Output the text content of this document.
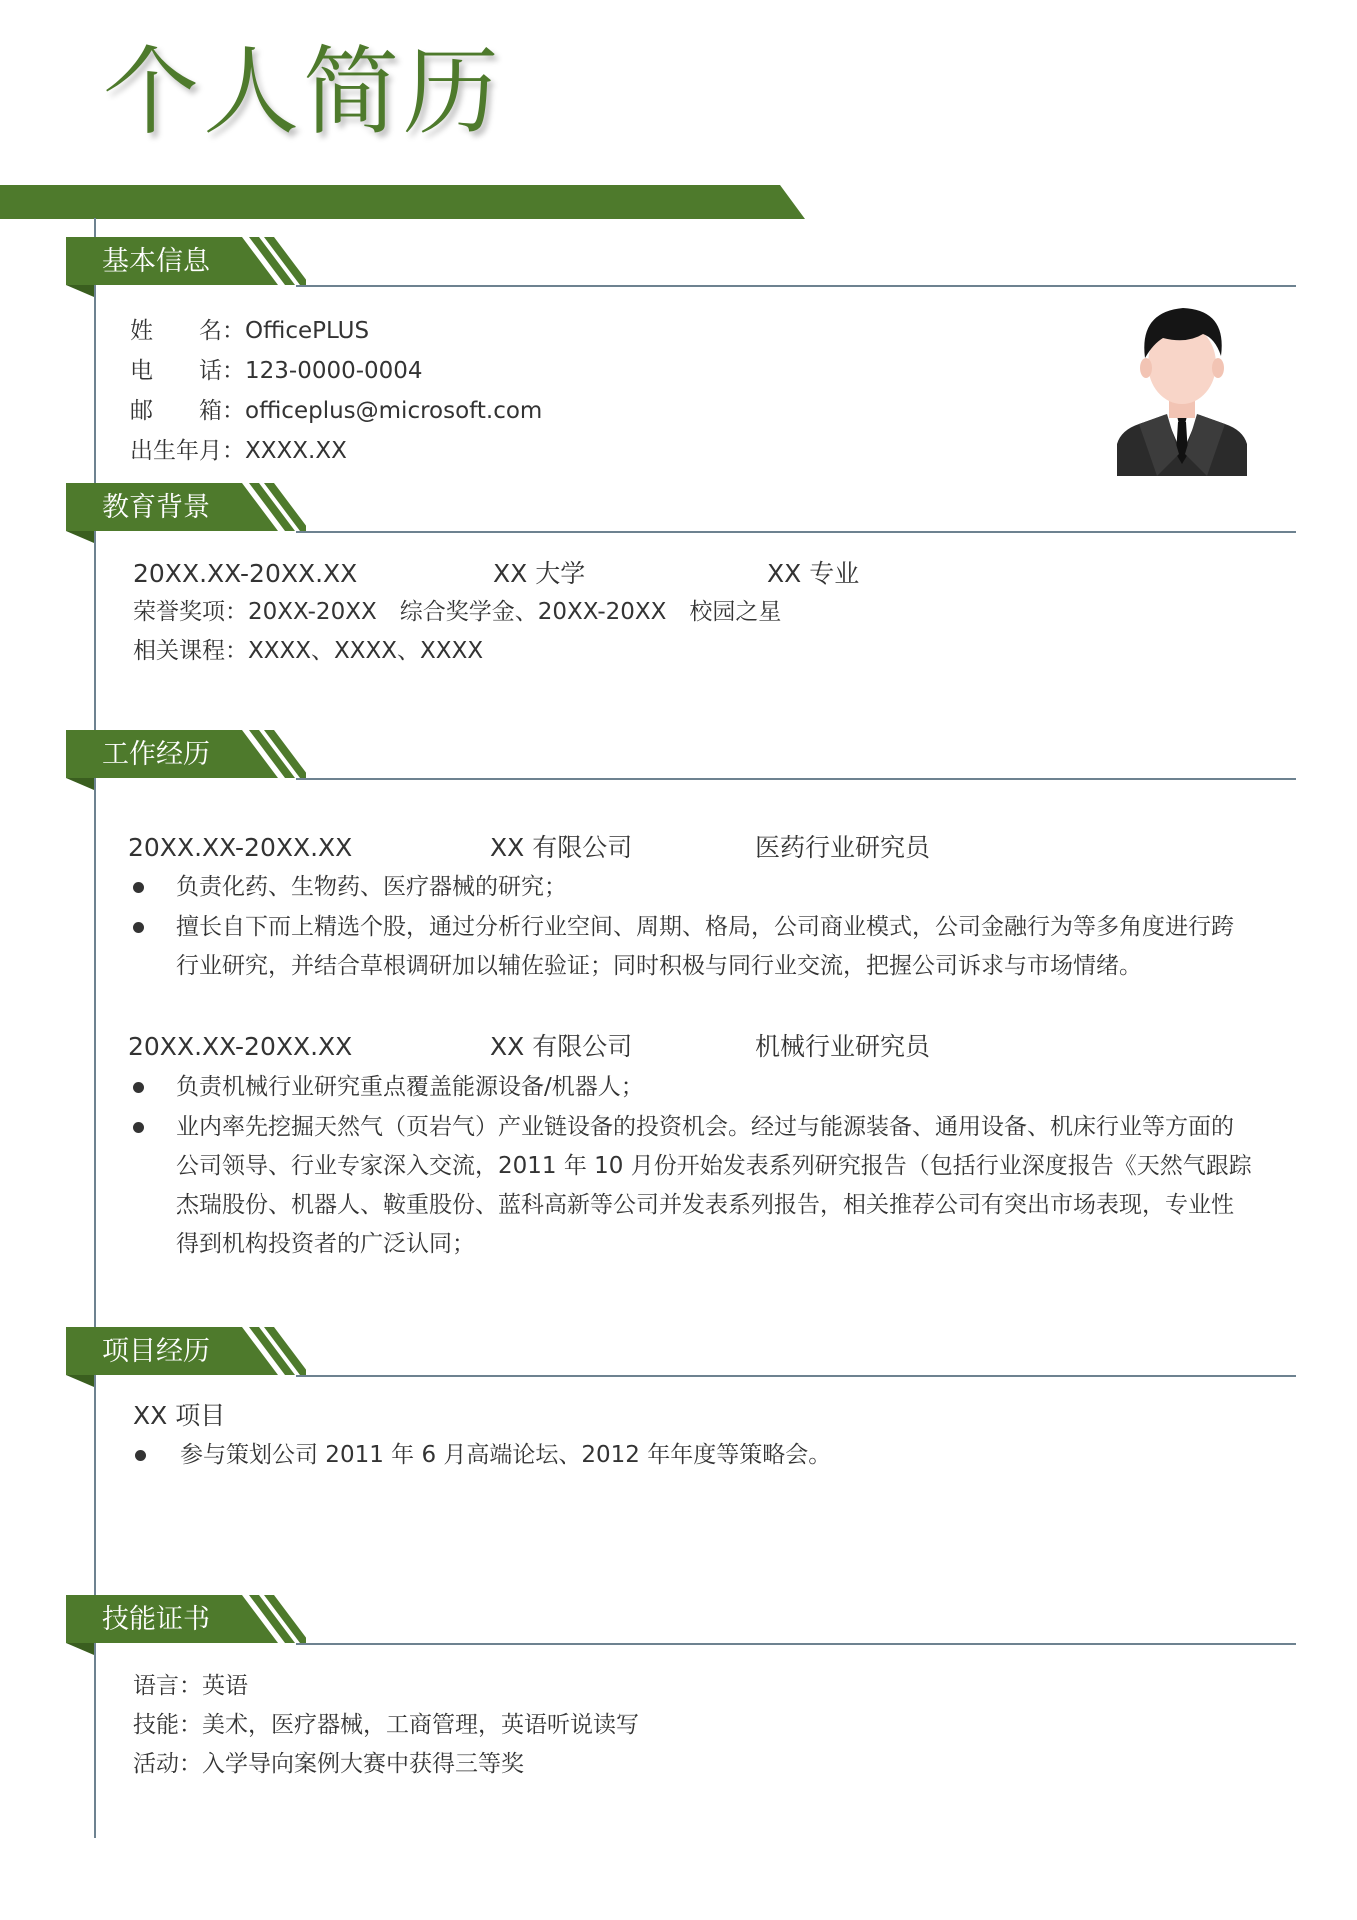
个人简历
基本信息
姓　　名：OfficePLUS
电　　话：123-0000-0004
邮　　箱：officeplus@microsoft.com
出生年月：XXXX.XX
教育背景
20XX.XX-20XX.XX	XX 大学	XX 专业
荣誉奖项：20XX-20XX　综合奖学金、20XX-20XX　校园之星
相关课程：XXXX、XXXX、XXXX
工作经历
20XX.XX-20XX.XX	XX 有限公司	医药行业研究员
负责化药、生物药、医疗器械的研究；
擅长自下而上精选个股，通过分析行业空间、周期、格局，公司商业模式，公司金融行为等多角度进行跨行业研究，并结合草根调研加以辅佐验证；同时积极与同行业交流，把握公司诉求与市场情绪。
20XX.XX-20XX.XX	XX 有限公司	机械行业研究员
负责机械行业研究重点覆盖能源设备/机器人；
业内率先挖掘天然气（页岩气）产业链设备的投资机会。经过与能源装备、通用设备、机床行业等方面的公司领导、行业专家深入交流，2011 年 10 月份开始发表系列研究报告（包括行业深度报告《天然气跟踪杰瑞股份、机器人、鞍重股份、蓝科高新等公司并发表系列报告，相关推荐公司有突出市场表现，专业性得到机构投资者的广泛认同；
项目经历
XX 项目
参与策划公司 2011 年 6 月高端论坛、2012 年年度等策略会。
技能证书
语言：英语
技能：美术，医疗器械，工商管理，英语听说读写
活动：入学导向案例大赛中获得三等奖
